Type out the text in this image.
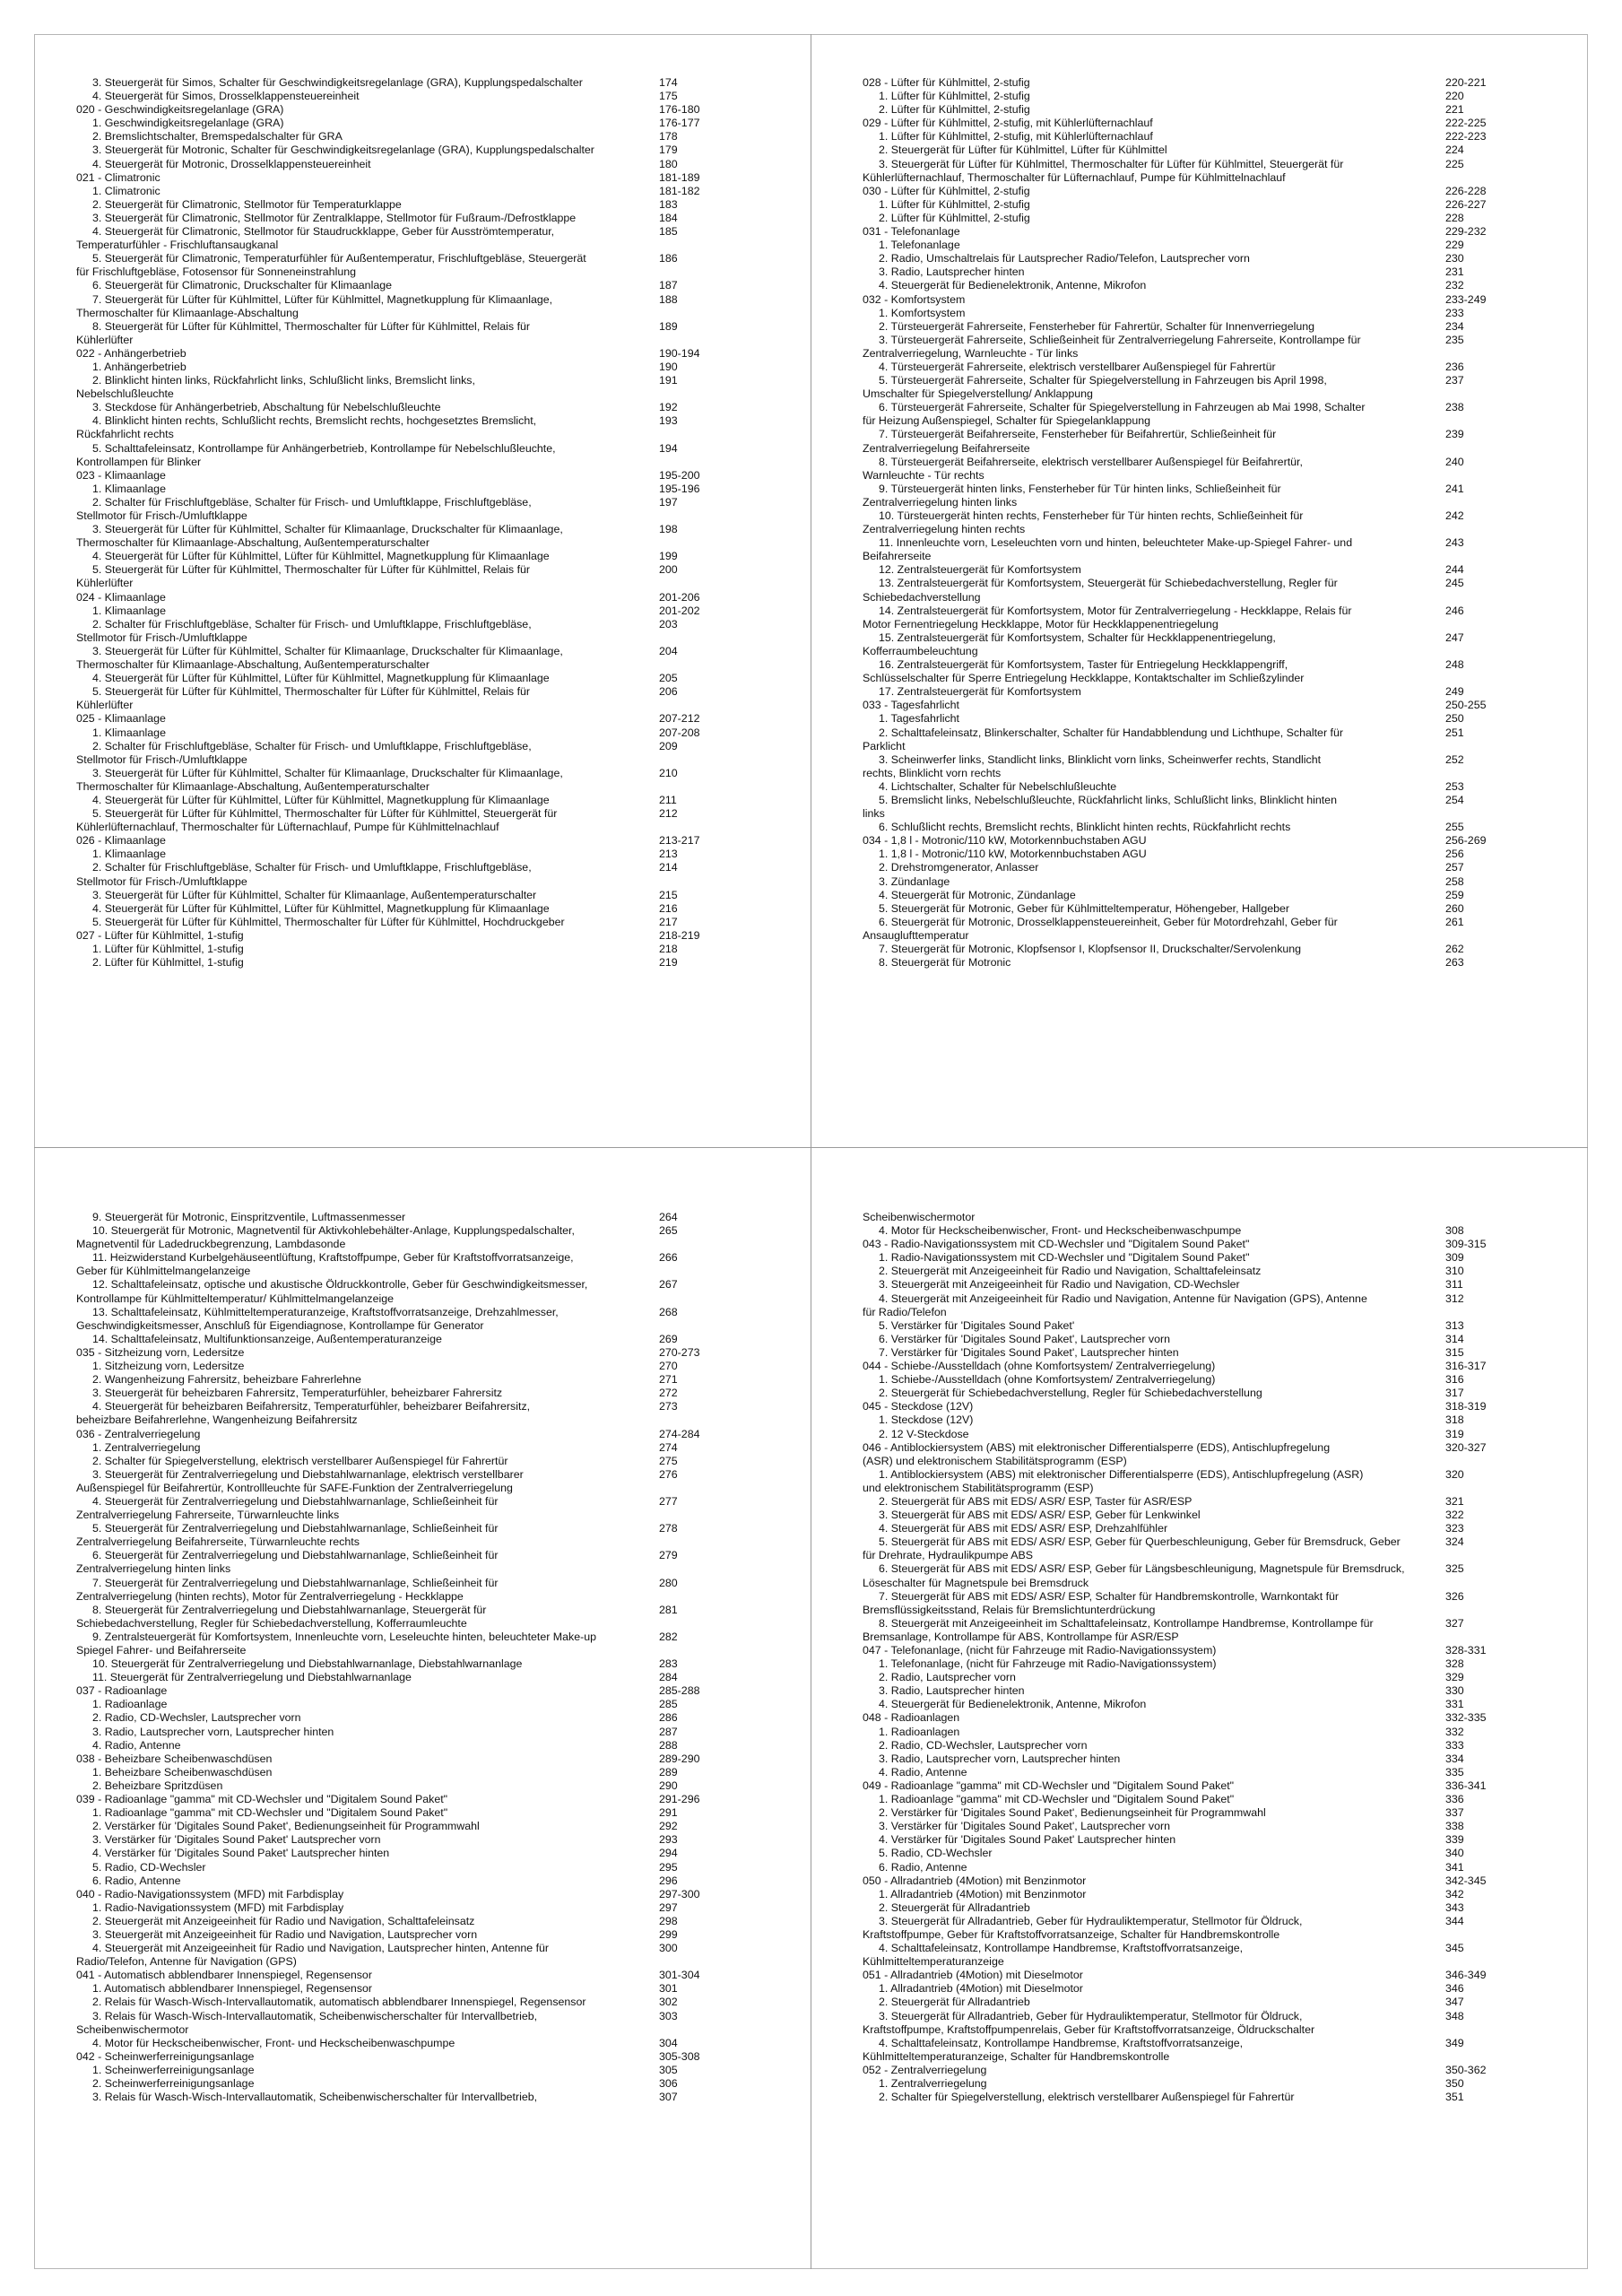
3. Steuergerät für Simos, Schalter für Geschwindigkeitsregelanlage (GRA), Kupplungspedalschalter	174
4. Steuergerät für Simos, Drosselklappensteuereinheit	175
020 - Geschwindigkeitsregelanlage (GRA)	176-180
1. Geschwindigkeitsregelanlage (GRA)	176-177
2. Bremslichtschalter, Bremspedalschalter für GRA	178
3. Steuergerät für Motronic, Schalter für Geschwindigkeitsregelanlage (GRA), Kupplungspedalschalter	179
4. Steuergerät für Motronic, Drosselklappensteuereinheit	180
021 - Climatronic	181-189
1. Climatronic	181-182
2. Steuergerät für Climatronic, Stellmotor für Temperaturklappe	183
3. Steuergerät für Climatronic, Stellmotor für Zentralklappe, Stellmotor für Fußraum-/Defrostklappe	184
4. Steuergerät für Climatronic, Stellmotor für Staudruckklappe, Geber für Ausströmtemperatur,	185
Temperaturfühler - Frischluftansaugkanal
5. Steuergerät für Climatronic, Temperaturfühler für Außentemperatur, Frischluftgebläse, Steuergerät	186
für Frischluftgebläse, Fotosensor für Sonneneinstrahlung
6. Steuergerät für Climatronic, Druckschalter für Klimaanlage	187
7. Steuergerät für Lüfter für Kühlmittel, Lüfter für Kühlmittel, Magnetkupplung für Klimaanlage,	188
Thermoschalter für Klimaanlage-Abschaltung
8. Steuergerät für Lüfter für Kühlmittel, Thermoschalter für Lüfter für Kühlmittel, Relais für	189
Kühlerlüfter
022 - Anhängerbetrieb	190-194
1. Anhängerbetrieb	190
2. Blinklicht hinten links, Rückfahrlicht links, Schlußlicht links, Bremslicht links,	191
Nebelschlußleuchte
3. Steckdose für Anhängerbetrieb, Abschaltung für Nebelschlußleuchte	192
4. Blinklicht hinten rechts, Schlußlicht rechts, Bremslicht rechts, hochgesetztes Bremslicht,	193
Rückfahrlicht rechts
5. Schalttafeleinsatz, Kontrollampe für Anhängerbetrieb, Kontrollampe für Nebelschlußleuchte,	194
Kontrollampen für Blinker
023 - Klimaanlage	195-200
1. Klimaanlage	195-196
2. Schalter für Frischluftgebläse, Schalter für Frisch- und Umluftklappe, Frischluftgebläse,	197
Stellmotor für Frisch-/Umluftklappe
3. Steuergerät für Lüfter für Kühlmittel, Schalter für Klimaanlage, Druckschalter für Klimaanlage,	198
Thermoschalter für Klimaanlage-Abschaltung, Außentemperaturschalter
4. Steuergerät für Lüfter für Kühlmittel, Lüfter für Kühlmittel, Magnetkupplung für Klimaanlage	199
5. Steuergerät für Lüfter für Kühlmittel, Thermoschalter für Lüfter für Kühlmittel, Relais für	200
Kühlerlüfter
024 - Klimaanlage	201-206
1. Klimaanlage	201-202
2. Schalter für Frischluftgebläse, Schalter für Frisch- und Umluftklappe, Frischluftgebläse,	203
Stellmotor für Frisch-/Umluftklappe
3. Steuergerät für Lüfter für Kühlmittel, Schalter für Klimaanlage, Druckschalter für Klimaanlage,	204
Thermoschalter für Klimaanlage-Abschaltung, Außentemperaturschalter
4. Steuergerät für Lüfter für Kühlmittel, Lüfter für Kühlmittel, Magnetkupplung für Klimaanlage	205
5. Steuergerät für Lüfter für Kühlmittel, Thermoschalter für Lüfter für Kühlmittel, Relais für	206
Kühlerlüfter
025 - Klimaanlage	207-212
1. Klimaanlage	207-208
2. Schalter für Frischluftgebläse, Schalter für Frisch- und Umluftklappe, Frischluftgebläse,	209
Stellmotor für Frisch-/Umluftklappe
3. Steuergerät für Lüfter für Kühlmittel, Schalter für Klimaanlage, Druckschalter für Klimaanlage,	210
Thermoschalter für Klimaanlage-Abschaltung, Außentemperaturschalter
4. Steuergerät für Lüfter für Kühlmittel, Lüfter für Kühlmittel, Magnetkupplung für Klimaanlage	211
5. Steuergerät für Lüfter für Kühlmittel, Thermoschalter für Lüfter für Kühlmittel, Steuergerät für	212
Kühlerlüfternachlauf, Thermoschalter für Lüfternachlauf, Pumpe für Kühlmittelnachlauf
026 - Klimaanlage	213-217
1. Klimaanlage	213
2. Schalter für Frischluftgebläse, Schalter für Frisch- und Umluftklappe, Frischluftgebläse,	214
Stellmotor für Frisch-/Umluftklappe
3. Steuergerät für Lüfter für Kühlmittel, Schalter für Klimaanlage, Außentemperaturschalter	215
4. Steuergerät für Lüfter für Kühlmittel, Lüfter für Kühlmittel, Magnetkupplung für Klimaanlage	216
5. Steuergerät für Lüfter für Kühlmittel, Thermoschalter für Lüfter für Kühlmittel, Hochdruckgeber	217
027 - Lüfter für Kühlmittel, 1-stufig	218-219
1. Lüfter für Kühlmittel, 1-stufig	218
2. Lüfter für Kühlmittel, 1-stufig	219
028 - Lüfter für Kühlmittel, 2-stufig	220-221
1. Lüfter für Kühlmittel, 2-stufig	220
2. Lüfter für Kühlmittel, 2-stufig	221
029 - Lüfter für Kühlmittel, 2-stufig, mit Kühlerlüfternachlauf	222-225
1. Lüfter für Kühlmittel, 2-stufig, mit Kühlerlüfternachlauf	222-223
2. Steuergerät für Lüfter für Kühlmittel, Lüfter für Kühlmittel	224
3. Steuergerät für Lüfter für Kühlmittel, Thermoschalter für Lüfter für Kühlmittel, Steuergerät für	225
Kühlerlüfternachlauf, Thermoschalter für Lüfternachlauf, Pumpe für Kühlmittelnachlauf
030 - Lüfter für Kühlmittel, 2-stufig	226-228
1. Lüfter für Kühlmittel, 2-stufig	226-227
2. Lüfter für Kühlmittel, 2-stufig	228
031 - Telefonanlage	229-232
1. Telefonanlage	229
2. Radio, Umschaltrelais für Lautsprecher Radio/Telefon, Lautsprecher vorn	230
3. Radio, Lautsprecher hinten	231
4. Steuergerät für Bedienelektronik, Antenne, Mikrofon	232
032 - Komfortsystem	233-249
1. Komfortsystem	233
2. Türsteuergerät Fahrerseite, Fensterheber für Fahrertür, Schalter für Innenverriegelung	234
3. Türsteuergerät Fahrerseite, Schließeinheit für Zentralverriegelung Fahrerseite, Kontrollampe für	235
Zentralverriegelung, Warnleuchte - Tür links
4. Türsteuergerät Fahrerseite, elektrisch verstellbarer Außenspiegel für Fahrertür	236
5. Türsteuergerät Fahrerseite, Schalter für Spiegelverstellung in Fahrzeugen bis April 1998,	237
Umschalter für Spiegelverstellung/ Anklappung
6. Türsteuergerät Fahrerseite, Schalter für Spiegelverstellung in Fahrzeugen ab Mai 1998, Schalter	238
für Heizung Außenspiegel, Schalter für Spiegelanklappung
7. Türsteuergerät Beifahrerseite, Fensterheber für Beifahrertür, Schließeinheit für	239
Zentralverriegelung Beifahrerseite
8. Türsteuergerät Beifahrerseite, elektrisch verstellbarer Außenspiegel für Beifahrertür,	240
Warnleuchte - Tür rechts
9. Türsteuergerät hinten links, Fensterheber für Tür hinten links, Schließeinheit für	241
Zentralverriegelung hinten links
10. Türsteuergerät hinten rechts, Fensterheber für Tür hinten rechts, Schließeinheit für	242
Zentralverriegelung hinten rechts
11. Innenleuchte vorn, Leseleuchten vorn und hinten, beleuchteter Make-up-Spiegel Fahrer- und	243
Beifahrerseite
12. Zentralsteuergerät für Komfortsystem	244
13. Zentralsteuergerät für Komfortsystem, Steuergerät für Schiebedachverstellung, Regler für	245
Schiebedachverstellung
14. Zentralsteuergerät für Komfortsystem, Motor für Zentralverriegelung - Heckklappe, Relais für	246
Motor Fernentriegelung Heckklappe, Motor für Heckklappenentriegelung
15. Zentralsteuergerät für Komfortsystem, Schalter für Heckklappenentriegelung,	247
Kofferraumbeleuchtung
16. Zentralsteuergerät für Komfortsystem, Taster für Entriegelung Heckklappengriff,	248
Schlüsselschalter für Sperre Entriegelung Heckklappe, Kontaktschalter im Schließzylinder
17. Zentralsteuergerät für Komfortsystem	249
033 - Tagesfahrlicht	250-255
1. Tagesfahrlicht	250
2. Schalttafeleinsatz, Blinkerschalter, Schalter für Handabblendung und Lichthupe, Schalter für	251
Parklicht
3. Scheinwerfer links, Standlicht links, Blinklicht vorn links, Scheinwerfer rechts, Standlicht	252
rechts, Blinklicht vorn rechts
4. Lichtschalter, Schalter für Nebelschlußleuchte	253
5. Bremslicht links, Nebelschlußleuchte, Rückfahrlicht links, Schlußlicht links, Blinklicht hinten	254
links
6. Schlußlicht rechts, Bremslicht rechts, Blinklicht hinten rechts, Rückfahrlicht rechts	255
034 - 1,8 l - Motronic/110 kW, Motorkennbuchstaben AGU	256-269
1. 1,8 l - Motronic/110 kW, Motorkennbuchstaben AGU	256
2. Drehstromgenerator, Anlasser	257
3. Zündanlage	258
4. Steuergerät für Motronic, Zündanlage	259
5. Steuergerät für Motronic, Geber für Kühlmitteltemperatur, Höhengeber, Hallgeber	260
6. Steuergerät für Motronic, Drosselklappensteuereinheit, Geber für Motordrehzahl, Geber für	261
Ansauglufttemperatur
7. Steuergerät für Motronic, Klopfsensor I, Klopfsensor II, Druckschalter/Servolenkung	262
8. Steuergerät für Motronic	263
9. Steuergerät für Motronic, Einspritzventile, Luftmassenmesser	264
10. Steuergerät für Motronic, Magnetventil für Aktivkohlebehälter-Anlage, Kupplungspedalschalter,	265
Magnetventil für Ladedruckbegrenzung, Lambdasonde
11. Heizwiderstand Kurbelgehäuseentlüftung, Kraftstoffpumpe, Geber für Kraftstoffvorratsanzeige,	266
Geber für Kühlmittelmangelanzeige
12. Schalttafeleinsatz, optische und akustische Öldruckkontrolle, Geber für Geschwindigkeitsmesser,	267
Kontrollampe für Kühlmitteltemperatur/ Kühlmittelmangelanzeige
13. Schalttafeleinsatz, Kühlmitteltemperaturanzeige, Kraftstoffvorratsanzeige, Drehzahlmesser,	268
Geschwindigkeitsmesser, Anschluß für Eigendiagnose, Kontrollampe für Generator
14. Schalttafeleinsatz, Multifunktionsanzeige, Außentemperaturanzeige	269
035 - Sitzheizung vorn, Ledersitze	270-273
1. Sitzheizung vorn, Ledersitze	270
2. Wangenheizung Fahrersitz, beheizbare Fahrerlehne	271
3. Steuergerät für beheizbaren Fahrersitz, Temperaturfühler, beheizbarer Fahrersitz	272
4. Steuergerät für beheizbaren Beifahrersitz, Temperaturfühler, beheizbarer Beifahrersitz,	273
beheizbare Beifahrerlehne, Wangenheizung Beifahrersitz
036 - Zentralverriegelung	274-284
1. Zentralverriegelung	274
2. Schalter für Spiegelverstellung, elektrisch verstellbarer Außenspiegel für Fahrertür	275
3. Steuergerät für Zentralverriegelung und Diebstahlwarnanlage, elektrisch verstellbarer	276
Außenspiegel für Beifahrertür, Kontrollleuchte für SAFE-Funktion der Zentralverriegelung
4. Steuergerät für Zentralverriegelung und Diebstahlwarnanlage, Schließeinheit für	277
Zentralverriegelung Fahrerseite, Türwarnleuchte links
5. Steuergerät für Zentralverriegelung und Diebstahlwarnanlage, Schließeinheit für	278
Zentralverriegelung Beifahrerseite, Türwarnleuchte rechts
6. Steuergerät für Zentralverriegelung und Diebstahlwarnanlage, Schließeinheit für	279
Zentralverriegelung hinten links
7. Steuergerät für Zentralverriegelung und Diebstahlwarnanlage, Schließeinheit für	280
Zentralverriegelung (hinten rechts), Motor für Zentralverriegelung - Heckklappe
8. Steuergerät für Zentralverriegelung und Diebstahlwarnanlage, Steuergerät für	281
Schiebedachverstellung, Regler für Schiebedachverstellung, Kofferraumleuchte
9. Zentralsteuergerät für Komfortsystem, Innenleuchte vorn, Leseleuchte hinten, beleuchteter Make-up	282
Spiegel Fahrer- und Beifahrerseite
10. Steuergerät für Zentralverriegelung und Diebstahlwarnanlage, Diebstahlwarnanlage	283
11. Steuergerät für Zentralverriegelung und Diebstahlwarnanlage	284
037 - Radioanlage	285-288
1. Radioanlage	285
2. Radio, CD-Wechsler, Lautsprecher vorn	286
3. Radio, Lautsprecher vorn, Lautsprecher hinten	287
4. Radio, Antenne	288
038 - Beheizbare Scheibenwaschdüsen	289-290
1. Beheizbare Scheibenwaschdüsen	289
2. Beheizbare Spritzdüsen	290
039 - Radioanlage "gamma" mit CD-Wechsler und "Digitalem Sound Paket"	291-296
1. Radioanlage "gamma" mit CD-Wechsler und "Digitalem Sound Paket"	291
2. Verstärker für 'Digitales Sound Paket', Bedienungseinheit für Programmwahl	292
3. Verstärker für 'Digitales Sound Paket' Lautsprecher vorn	293
4. Verstärker für 'Digitales Sound Paket' Lautsprecher hinten	294
5. Radio, CD-Wechsler	295
6. Radio, Antenne	296
040 - Radio-Navigationssystem (MFD) mit Farbdisplay	297-300
1. Radio-Navigationssystem (MFD) mit Farbdisplay	297
2. Steuergerät mit Anzeigeeinheit für Radio und Navigation, Schalttafeleinsatz	298
3. Steuergerät mit Anzeigeeinheit für Radio und Navigation, Lautsprecher vorn	299
4. Steuergerät mit Anzeigeeinheit für Radio und Navigation, Lautsprecher hinten, Antenne für	300
Radio/Telefon, Antenne für Navigation (GPS)
041 - Automatisch abblendbarer Innenspiegel, Regensensor	301-304
1. Automatisch abblendbarer Innenspiegel, Regensensor	301
2. Relais für Wasch-Wisch-Intervallautomatik, automatisch abblendbarer Innenspiegel, Regensensor	302
3. Relais für Wasch-Wisch-Intervallautomatik, Scheibenwischerschalter für Intervallbetrieb,	303
Scheibenwischermotor
4. Motor für Heckscheibenwischer, Front- und Heckscheibenwaschpumpe	304
042 - Scheinwerferreinigungsanlage	305-308
1. Scheinwerferreinigungsanlage	305
2. Scheinwerferreinigungsanlage	306
3. Relais für Wasch-Wisch-Intervallautomatik, Scheibenwischerschalter für Intervallbetrieb,	307
Scheibenwischermotor
4. Motor für Heckscheibenwischer, Front- und Heckscheibenwaschpumpe	308
043 - Radio-Navigationssystem mit CD-Wechsler und "Digitalem Sound Paket"	309-315
1. Radio-Navigationssystem mit CD-Wechsler und "Digitalem Sound Paket"	309
2. Steuergerät mit Anzeigeeinheit für Radio und Navigation, Schalttafeleinsatz	310
3. Steuergerät mit Anzeigeeinheit für Radio und Navigation, CD-Wechsler	311
4. Steuergerät mit Anzeigeeinheit für Radio und Navigation, Antenne für Navigation (GPS), Antenne	312
für Radio/Telefon
5. Verstärker für 'Digitales Sound Paket'	313
6. Verstärker für 'Digitales Sound Paket', Lautsprecher vorn	314
7. Verstärker für 'Digitales Sound Paket', Lautsprecher hinten	315
044 - Schiebe-/Ausstelldach (ohne Komfortsystem/ Zentralverriegelung)	316-317
1. Schiebe-/Ausstelldach (ohne Komfortsystem/ Zentralverriegelung)	316
2. Steuergerät für Schiebedachverstellung, Regler für Schiebedachverstellung	317
045 - Steckdose (12V)	318-319
1. Steckdose (12V)	318
2. 12 V-Steckdose	319
046 - Antiblockiersystem (ABS) mit elektronischer Differentialsperre (EDS), Antischlupfregelung	320-327
(ASR) und elektronischem Stabilitätsprogramm (ESP)
1. Antiblockiersystem (ABS) mit elektronischer Differentialsperre (EDS), Antischlupfregelung (ASR)	320
und elektronischem Stabilitätsprogramm (ESP)
2. Steuergerät für ABS mit EDS/ ASR/ ESP, Taster für ASR/ESP	321
3. Steuergerät für ABS mit EDS/ ASR/ ESP, Geber für Lenkwinkel	322
4. Steuergerät für ABS mit EDS/ ASR/ ESP, Drehzahlfühler	323
5. Steuergerät für ABS mit EDS/ ASR/ ESP, Geber für Querbeschleunigung, Geber für Bremsdruck, Geber	324
für Drehrate, Hydraulikpumpe ABS
6. Steuergerät für ABS mit EDS/ ASR/ ESP, Geber für Längsbeschleunigung, Magnetspule für Bremsdruck,	325
Löseschalter für Magnetspule bei Bremsdruck
7. Steuergerät für ABS mit EDS/ ASR/ ESP, Schalter für Handbremskontrolle, Warnkontakt für	326
Bremsflüssigkeitsstand, Relais für Bremslichtunterdrückung
8. Steuergerät mit Anzeigeeinheit im Schalttafeleinsatz, Kontrollampe Handbremse, Kontrollampe für	327
Bremsanlage, Kontrollampe für ABS, Kontrollampe für ASR/ESP
047 - Telefonanlage, (nicht für Fahrzeuge mit Radio-Navigationssystem)	328-331
1. Telefonanlage, (nicht für Fahrzeuge mit Radio-Navigationssystem)	328
2. Radio, Lautsprecher vorn	329
3. Radio, Lautsprecher hinten	330
4. Steuergerät für Bedienelektronik, Antenne, Mikrofon	331
048 - Radioanlagen	332-335
1. Radioanlagen	332
2. Radio, CD-Wechsler, Lautsprecher vorn	333
3. Radio, Lautsprecher vorn, Lautsprecher hinten	334
4. Radio, Antenne	335
049 - Radioanlage "gamma" mit CD-Wechsler und "Digitalem Sound Paket"	336-341
1. Radioanlage "gamma" mit CD-Wechsler und "Digitalem Sound Paket"	336
2. Verstärker für 'Digitales Sound Paket', Bedienungseinheit für Programmwahl	337
3. Verstärker für 'Digitales Sound Paket', Lautsprecher vorn	338
4. Verstärker für 'Digitales Sound Paket' Lautsprecher hinten	339
5. Radio, CD-Wechsler	340
6. Radio, Antenne	341
050 - Allradantrieb (4Motion) mit Benzinmotor	342-345
1. Allradantrieb (4Motion) mit Benzinmotor	342
2. Steuergerät für Allradantrieb	343
3. Steuergerät für Allradantrieb, Geber für Hydrauliktemperatur, Stellmotor für Öldruck,	344
Kraftstoffpumpe, Geber für Kraftstoffvorratsanzeige, Schalter für Handbremskontrolle
4. Schalttafeleinsatz, Kontrollampe Handbremse, Kraftstoffvorratsanzeige,	345
Kühlmitteltemperaturanzeige
051 - Allradantrieb (4Motion) mit Dieselmotor	346-349
1. Allradantrieb (4Motion) mit Dieselmotor	346
2. Steuergerät für Allradantrieb	347
3. Steuergerät für Allradantrieb, Geber für Hydrauliktemperatur, Stellmotor für Öldruck,	348
Kraftstoffpumpe, Kraftstoffpumpenrelais, Geber für Kraftstoffvorratsanzeige, Öldruckschalter
4. Schalttafeleinsatz, Kontrollampe Handbremse, Kraftstoffvorratsanzeige,	349
Kühlmitteltemperaturanzeige, Schalter für Handbremskontrolle
052 - Zentralverriegelung	350-362
1. Zentralverriegelung	350
2. Schalter für Spiegelverstellung, elektrisch verstellbarer Außenspiegel für Fahrertür	351
